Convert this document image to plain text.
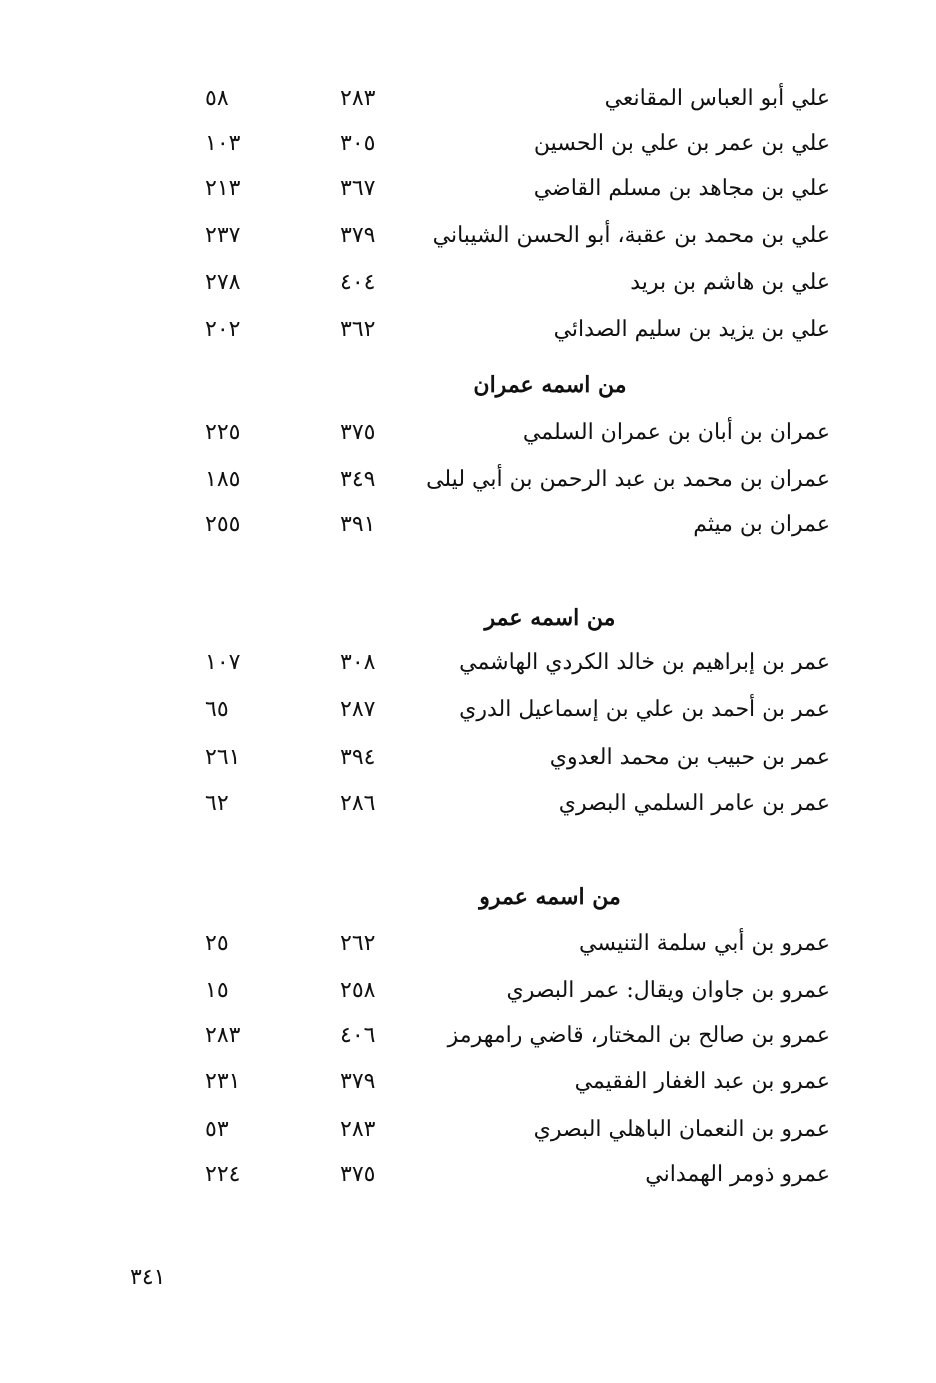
علي أبو العباس المقانعي
٢٨٣
٥٨
علي بن عمر بن علي بن الحسين
٣٠٥
١٠٣
علي بن مجاهد بن مسلم القاضي
٣٦٧
٢١٣
علي بن محمد بن عقبة، أبو الحسن الشيباني
٣٧٩
٢٣٧
علي بن هاشم بن بريد
٤٠٤
٢٧٨
علي بن يزيد بن سليم الصدائي
٣٦٢
٢٠٢
من اسمه عمران
عمران بن أبان بن عمران السلمي
٣٧٥
٢٢٥
عمران بن محمد بن عبد الرحمن بن أبي ليلى
٣٤٩
١٨٥
عمران بن ميثم
٣٩١
٢٥٥
من اسمه عمر
عمر بن إبراهيم بن خالد الكردي الهاشمي
٣٠٨
١٠٧
عمر بن أحمد بن علي بن إسماعيل الدري
٢٨٧
٦٥
عمر بن حبيب بن محمد العدوي
٣٩٤
٢٦١
عمر بن عامر السلمي البصري
٢٨٦
٦٢
من اسمه عمرو
عمرو بن أبي سلمة التنيسي
٢٦٢
٢٥
عمرو بن جاوان ويقال: عمر البصري
٢٥٨
١٥
عمرو بن صالح بن المختار، قاضي رامهرمز
٤٠٦
٢٨٣
عمرو بن عبد الغفار الفقيمي
٣٧٩
٢٣١
عمرو بن النعمان الباهلي البصري
٢٨٣
٥٣
عمرو ذومر الهمداني
٣٧٥
٢٢٤
٣٤١
